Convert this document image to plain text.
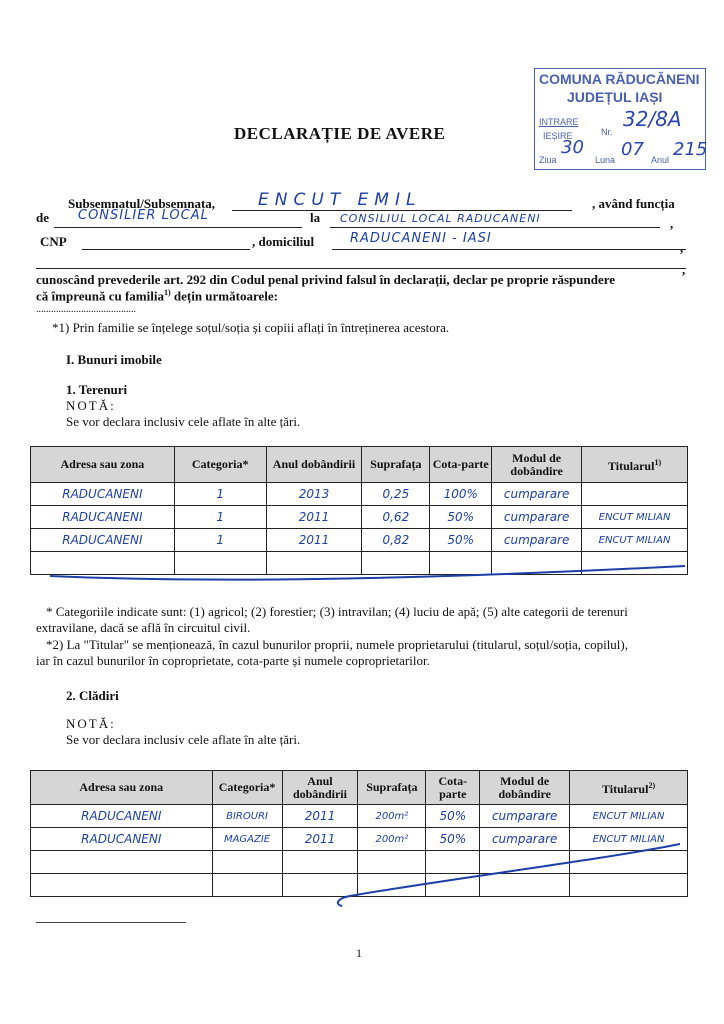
COMUNA RĂDUCĂNENI
JUDEȚUL IAȘI
INTRARE
IEȘIRE	Nr.
32/8A
Ziua
30
Luna 07 Anul 215
DECLARAȚIE DE AVERE
Subsemnatul/Subsemnata,	ENCUT EMIL	, având funcția
de CONSILIER LOCAL	la CONSILIUL LOCAL RADUCANENI	,
CNP	, domiciliul	RADUCANENI - IASI
,
,
cunoscând prevederile art. 292 din Codul penal privind falsul în declarații, declar pe proprie răspundere
că împreună cu familia$^{1)}$ dețin următoarele:
........................................
*1) Prin familie se înțelege soțul/soția și copiii aflați în întreținerea acestora.
I. Bunuri imobile
1. Terenuri
NOTĂ:
Se vor declara inclusiv cele aflate în alte țări.
Adresa sau zona	Categoria*	Anul dobândirii	Suprafața	Cota-parte	Modul de dobândire	Titularul$^{1)}$
RADUCANENI	1	2013	0,25	100%	cumparare	
RADUCANENI	1	2011	0,62	50%	cumparare	ENCUT MILIAN
RADUCANENI	1	2011	0,82	50%	cumparare	ENCUT MILIAN

* Categoriile indicate sunt: (1) agricol; (2) forestier; (3) intravilan; (4) luciu de apă; (5) alte categorii de terenuri
extravilane, dacă se află în circuitul civil.
*2) La "Titular" se menționează, în cazul bunurilor proprii, numele proprietarului (titularul, soțul/soția, copilul),
iar în cazul bunurilor în coproprietate, cota-parte și numele coproprietarilor.
2. Clădiri
NOTĂ:
Se vor declara inclusiv cele aflate în alte țări.
Adresa sau zona	Categoria*	Anul dobândirii	Suprafața	Cota-parte	Modul de dobândire	Titularul$^{2)}$
RADUCANENI	BIROURI	2011	200m²	50%	cumparare	ENCUT MILIAN
RADUCANENI	MAGAZIE	2011	200m²	50%	cumparare	ENCUT MILIAN

1
